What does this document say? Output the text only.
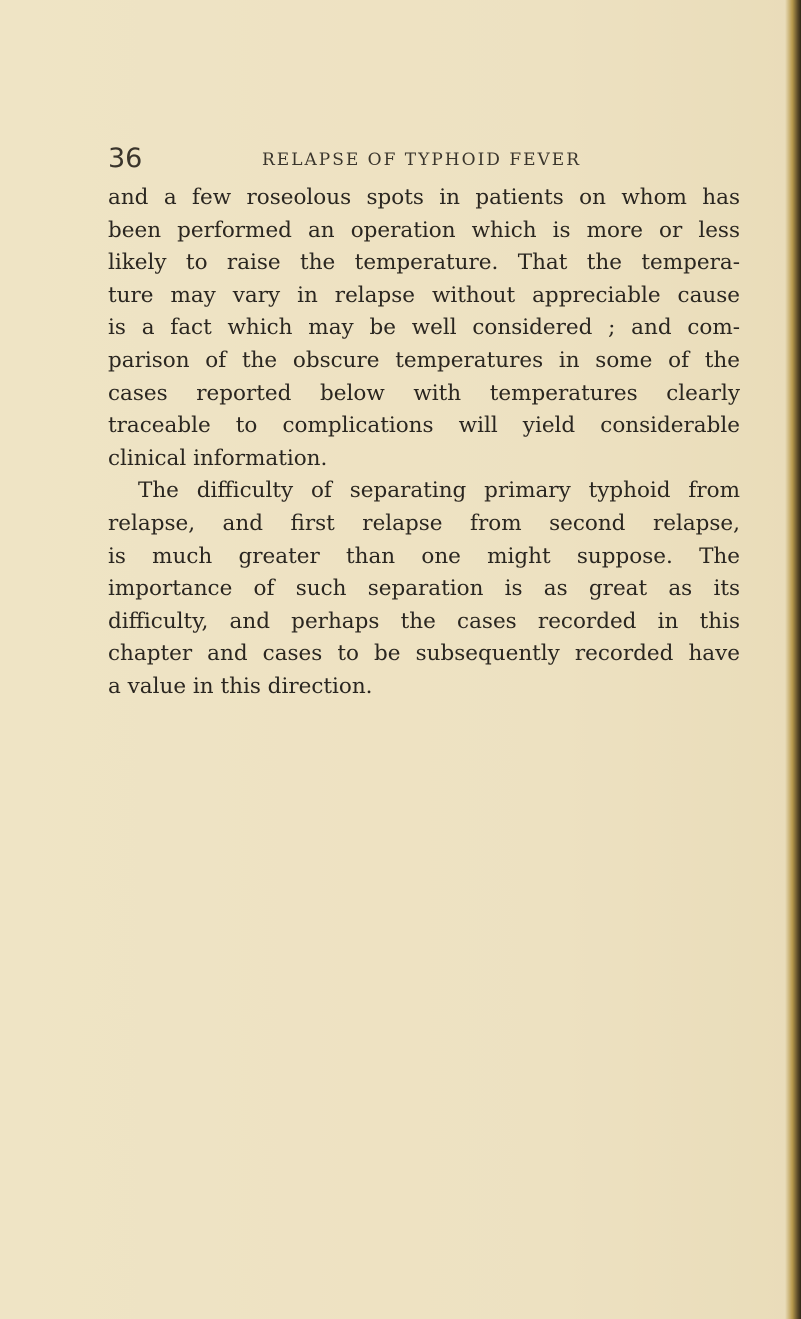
36	RELAPSE OF TYPHOID FEVER
and a few roseolous spots in patients on whom has
been performed an operation which is more or less
likely to raise the temperature. That the tempera-
ture may vary in relapse without appreciable cause
is a fact which may be well considered ; and com-
parison of the obscure temperatures in some of the
cases reported below with temperatures clearly
traceable to complications will yield considerable
clinical information.
The difficulty of separating primary typhoid from
relapse, and first relapse from second relapse,
is much greater than one might suppose. The
importance of such separation is as great as its
difficulty, and perhaps the cases recorded in this
chapter and cases to be subsequently recorded have
a value in this direction.
